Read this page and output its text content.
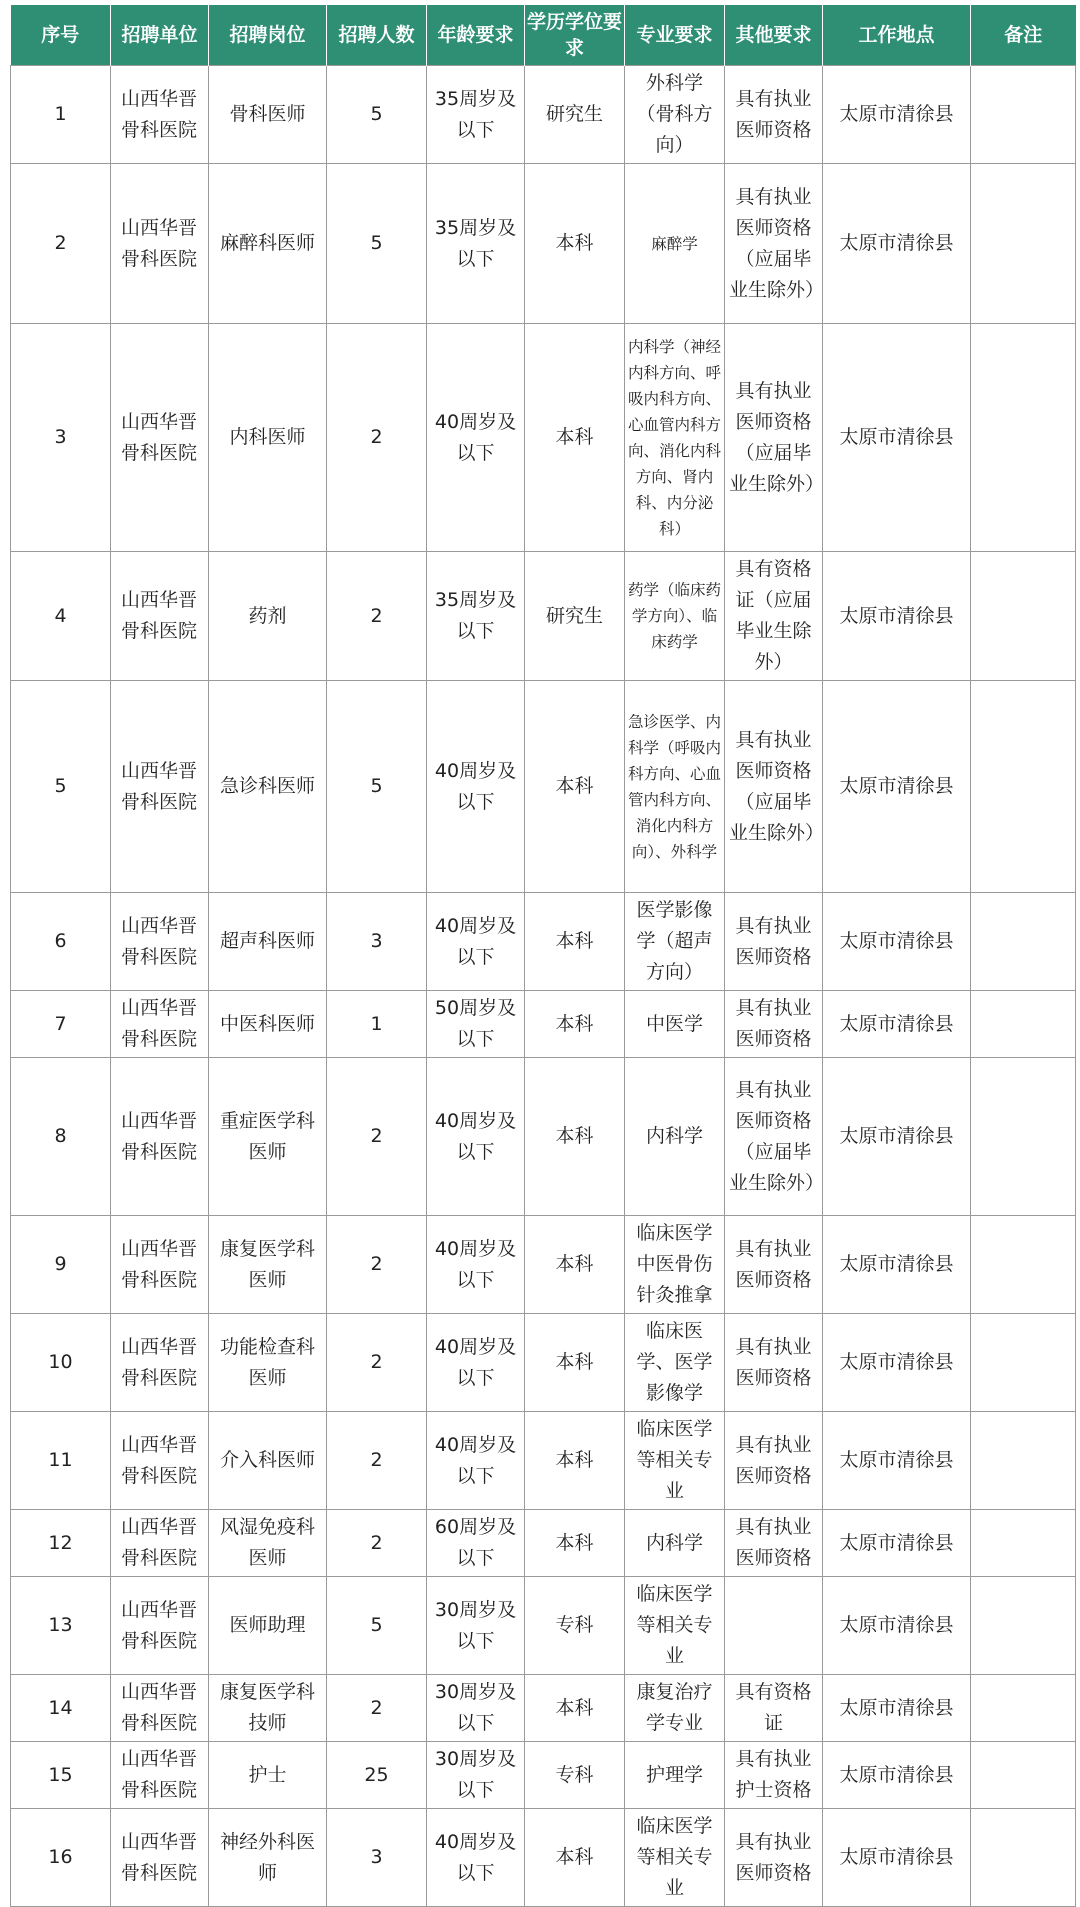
序号	招聘单位	招聘岗位	招聘人数	年龄要求	学历学位要求	专业要求	其他要求	工作地点	备注
1	山西华晋骨科医院	骨科医师	5	35周岁及以下	研究生	外科学（骨科方向）	具有执业医师资格	太原市清徐县	
2	山西华晋骨科医院	麻醉科医师	5	35周岁及以下	本科	麻醉学	具有执业医师资格（应届毕业生除外）	太原市清徐县	
3	山西华晋骨科医院	内科医师	2	40周岁及以下	本科	内科学（神经内科方向、呼吸内科方向、心血管内科方向、消化内科方向、肾内科、内分泌科）	具有执业医师资格（应届毕业生除外）	太原市清徐县	
4	山西华晋骨科医院	药剂	2	35周岁及以下	研究生	药学（临床药学方向）、临床药学	具有资格证（应届毕业生除外）	太原市清徐县	
5	山西华晋骨科医院	急诊科医师	5	40周岁及以下	本科	急诊医学、内科学（呼吸内科方向、心血管内科方向、消化内科方向）、外科学	具有执业医师资格（应届毕业生除外）	太原市清徐县	
6	山西华晋骨科医院	超声科医师	3	40周岁及以下	本科	医学影像学（超声方向）	具有执业医师资格	太原市清徐县	
7	山西华晋骨科医院	中医科医师	1	50周岁及以下	本科	中医学	具有执业医师资格	太原市清徐县	
8	山西华晋骨科医院	重症医学科医师	2	40周岁及以下	本科	内科学	具有执业医师资格（应届毕业生除外）	太原市清徐县	
9	山西华晋骨科医院	康复医学科医师	2	40周岁及以下	本科	临床医学中医骨伤针灸推拿	具有执业医师资格	太原市清徐县	
10	山西华晋骨科医院	功能检查科医师	2	40周岁及以下	本科	临床医学、医学影像学	具有执业医师资格	太原市清徐县	
11	山西华晋骨科医院	介入科医师	2	40周岁及以下	本科	临床医学等相关专业	具有执业医师资格	太原市清徐县	
12	山西华晋骨科医院	风湿免疫科医师	2	60周岁及以下	本科	内科学	具有执业医师资格	太原市清徐县	
13	山西华晋骨科医院	医师助理	5	30周岁及以下	专科	临床医学等相关专业		太原市清徐县	
14	山西华晋骨科医院	康复医学科技师	2	30周岁及以下	本科	康复治疗学专业	具有资格证	太原市清徐县	
15	山西华晋骨科医院	护士	25	30周岁及以下	专科	护理学	具有执业护士资格	太原市清徐县	
16	山西华晋骨科医院	神经外科医师	3	40周岁及以下	本科	临床医学等相关专业	具有执业医师资格	太原市清徐县	
